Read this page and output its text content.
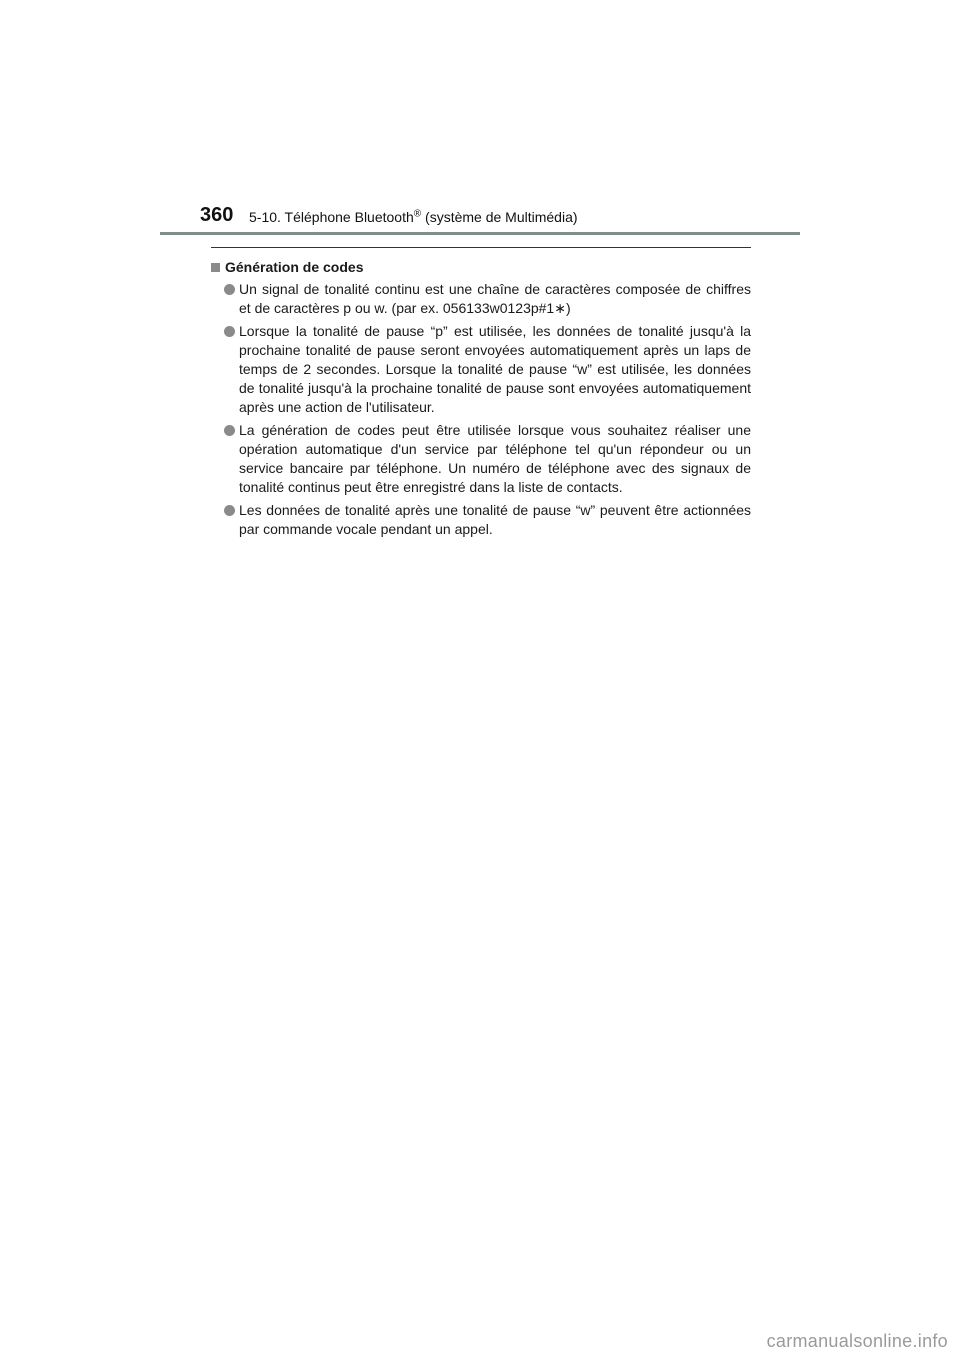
360 5-10. Téléphone Bluetooth® (système de Multimédia)
Génération de codes
Un signal de tonalité continu est une chaîne de caractères composée de chiffres et de caractères p ou w. (par ex. 056133w0123p#1∗)
Lorsque la tonalité de pause “p” est utilisée, les données de tonalité jusqu'à la prochaine tonalité de pause seront envoyées automatiquement après un laps de temps de 2 secondes. Lorsque la tonalité de pause “w” est utilisée, les données de tonalité jusqu'à la prochaine tonalité de pause sont envoyées automatiquement après une action de l'utilisateur.
La génération de codes peut être utilisée lorsque vous souhaitez réaliser une opération automatique d'un service par téléphone tel qu'un répondeur ou un service bancaire par téléphone. Un numéro de téléphone avec des signaux de tonalité continus peut être enregistré dans la liste de contacts.
Les données de tonalité après une tonalité de pause “w” peuvent être actionnées par commande vocale pendant un appel.
carmanualsonline.info
